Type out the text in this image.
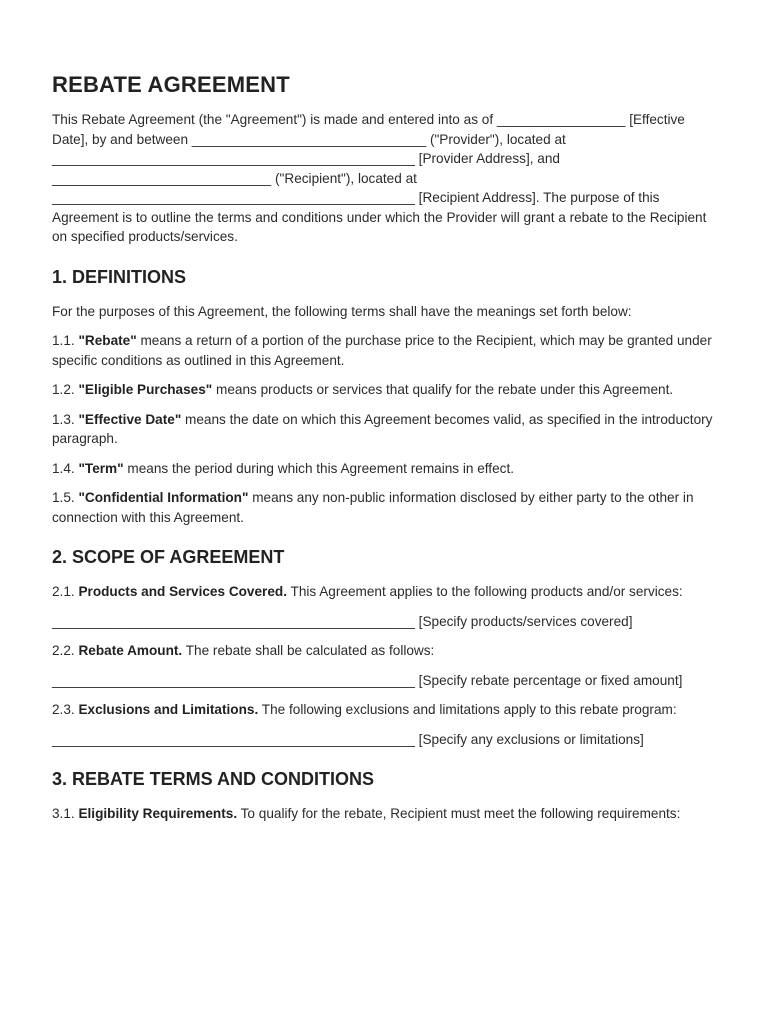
REBATE AGREEMENT

This Rebate Agreement (the "Agreement") is made and entered into as of _________________ [Effective Date], by and between _______________________________ ("Provider"), located at ________________________________________________ [Provider Address], and _____________________________ ("Recipient"), located at ________________________________________________ [Recipient Address]. The purpose of this Agreement is to outline the terms and conditions under which the Provider will grant a rebate to the Recipient on specified products/services.

1. DEFINITIONS

For the purposes of this Agreement, the following terms shall have the meanings set forth below:

1.1. "Rebate" means a return of a portion of the purchase price to the Recipient, which may be granted under specific conditions as outlined in this Agreement.

1.2. "Eligible Purchases" means products or services that qualify for the rebate under this Agreement.

1.3. "Effective Date" means the date on which this Agreement becomes valid, as specified in the introductory paragraph.

1.4. "Term" means the period during which this Agreement remains in effect.

1.5. "Confidential Information" means any non-public information disclosed by either party to the other in connection with this Agreement.

2. SCOPE OF AGREEMENT

2.1. Products and Services Covered. This Agreement applies to the following products and/or services:

________________________________________________ [Specify products/services covered]

2.2. Rebate Amount. The rebate shall be calculated as follows:

________________________________________________ [Specify rebate percentage or fixed amount]

2.3. Exclusions and Limitations. The following exclusions and limitations apply to this rebate program:

________________________________________________ [Specify any exclusions or limitations]

3. REBATE TERMS AND CONDITIONS

3.1. Eligibility Requirements. To qualify for the rebate, Recipient must meet the following requirements:
